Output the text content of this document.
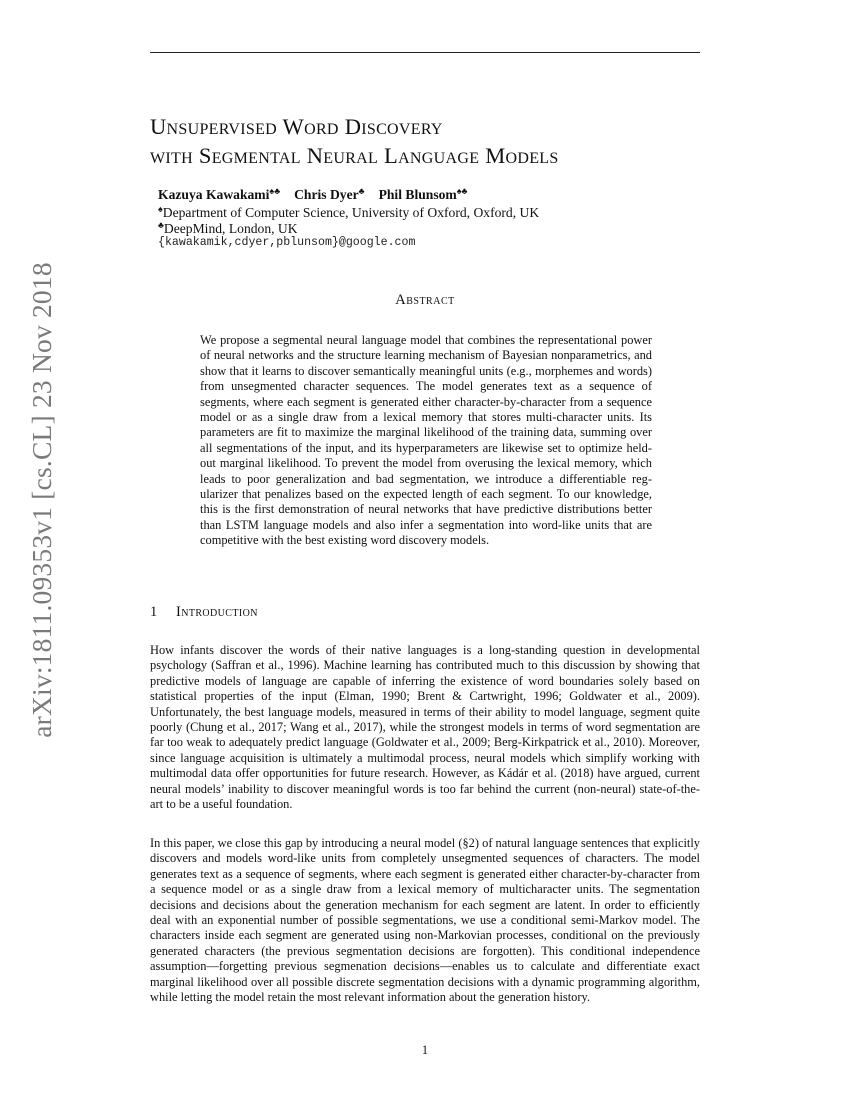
arXiv:1811.09353v1 [cs.CL] 23 Nov 2018
Unsupervised Word Discovery
with Segmental Neural Language Models
Kazuya Kawakami♠♣ Chris Dyer♣ Phil Blunsom♠♣
♠Department of Computer Science, University of Oxford, Oxford, UK
♣DeepMind, London, UK
{kawakamik,cdyer,pblunsom}@google.com
Abstract
We propose a segmental neural language model that combines the representational power of neural networks and the structure learning mechanism of Bayesian nonparametrics, and show that it learns to discover semantically meaningful units (e.g., morphemes and words) from unsegmented character sequences. The model generates text as a sequence of segments, where each segment is generated either character-by-character from a sequence model or as a single draw from a lexical memory that stores multi-character units. Its parameters are fit to maximize the marginal likelihood of the training data, summing over all segmentations of the input, and its hyperparameters are likewise set to optimize held-out marginal likelihood. To prevent the model from overusing the lexical memory, which leads to poor generalization and bad segmentation, we introduce a differentiable regularizer that penalizes based on the expected length of each segment. To our knowledge, this is the first demonstration of neural networks that have predictive distributions better than LSTM language models and also infer a segmentation into word-like units that are competitive with the best existing word discovery models.
1 Introduction
How infants discover the words of their native languages is a long-standing question in developmental psychology (Saffran et al., 1996). Machine learning has contributed much to this discussion by showing that predictive models of language are capable of inferring the existence of word boundaries solely based on statistical properties of the input (Elman, 1990; Brent & Cartwright, 1996; Goldwater et al., 2009). Unfortunately, the best language models, measured in terms of their ability to model language, segment quite poorly (Chung et al., 2017; Wang et al., 2017), while the strongest models in terms of word segmentation are far too weak to adequately predict language (Goldwater et al., 2009; Berg-Kirkpatrick et al., 2010). Moreover, since language acquisition is ultimately a multimodal process, neural models which simplify working with multimodal data offer opportunities for future research. However, as Kádár et al. (2018) have argued, current neural models’ inability to discover meaningful words is too far behind the current (non-neural) state-of-the-art to be a useful foundation.
In this paper, we close this gap by introducing a neural model (§2) of natural language sentences that explicitly discovers and models word-like units from completely unsegmented sequences of characters. The model generates text as a sequence of segments, where each segment is generated either character-by-character from a sequence model or as a single draw from a lexical memory of multicharacter units. The segmentation decisions and decisions about the generation mechanism for each segment are latent. In order to efficiently deal with an exponential number of possible segmentations, we use a conditional semi-Markov model. The characters inside each segment are generated using non-Markovian processes, conditional on the previously generated characters (the previous segmentation decisions are forgotten). This conditional independence assumption—forgetting previous segmenation decisions—enables us to calculate and differentiate exact marginal likelihood over all possible discrete segmentation decisions with a dynamic programming algorithm, while letting the model retain the most relevant information about the generation history.
1
